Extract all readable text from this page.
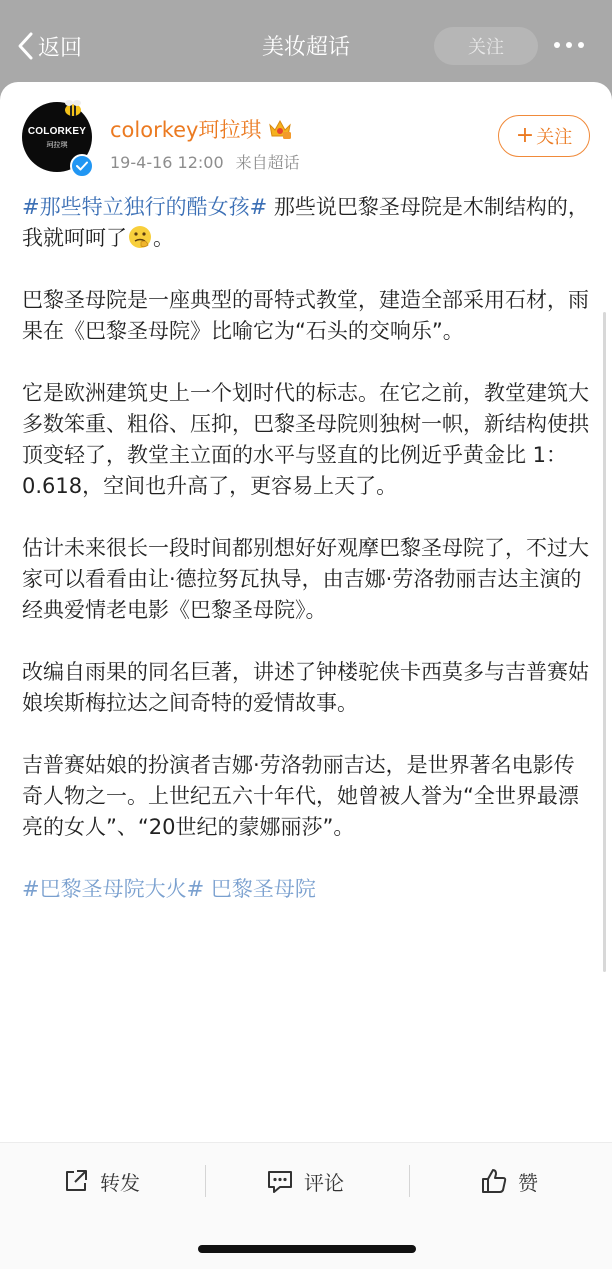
返回	美妆超话	关注
COLORKEY
珂拉琪
colorkey珂拉琪
19-4-16 12:00 来自超话
+ 关注

#那些特立独行的酷女孩# 那些说巴黎圣母院是木制结构的，我就呵呵了 。

巴黎圣母院是一座典型的哥特式教堂，建造全部采用石材，雨果在《巴黎圣母院》比喻它为“石头的交响乐”。

它是欧洲建筑史上一个划时代的标志。在它之前，教堂建筑大多数笨重、粗俗、压抑，巴黎圣母院则独树一帜，新结构使拱顶变轻了，教堂主立面的水平与竖直的比例近乎黄金比 1：0.618，空间也升高了，更容易上天了。

估计未来很长一段时间都别想好好观摩巴黎圣母院了，不过大家可以看看由让·德拉努瓦执导，由吉娜·劳洛勃丽吉达主演的经典爱情老电影《巴黎圣母院》。

改编自雨果的同名巨著，讲述了钟楼驼侠卡西莫多与吉普赛姑娘埃斯梅拉达之间奇特的爱情故事。

吉普赛姑娘的扮演者吉娜·劳洛勃丽吉达，是世界著名电影传奇人物之一。上世纪五六十年代，她曾被人誉为“全世界最漂亮的女人”、“20世纪的蒙娜丽莎”。

#巴黎圣母院大火# 巴黎圣母院

转发	评论	赞
